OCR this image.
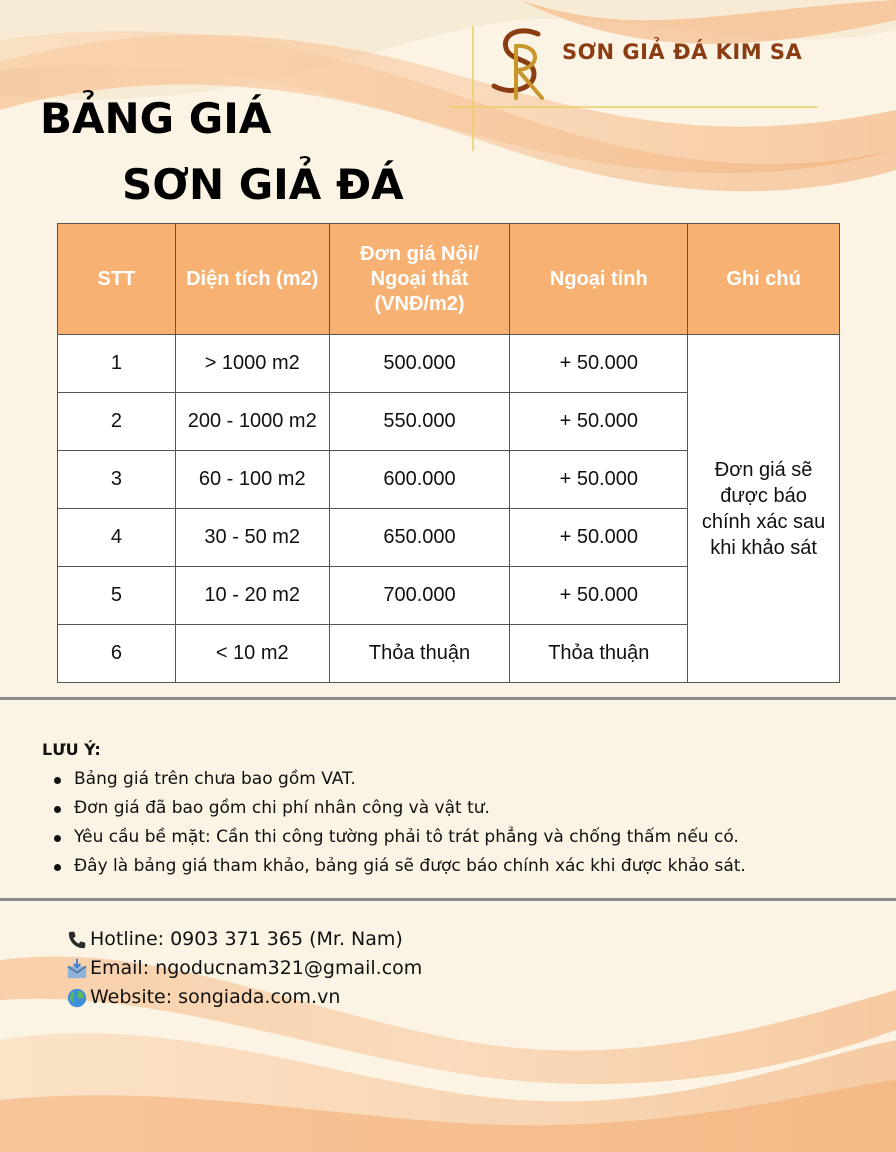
SƠN GIẢ ĐÁ KIM SA
BẢNG GIÁ
SƠN GIẢ ĐÁ
STT	Diện tích (m2)	Đơn giá Nội/ Ngoại thất (VNĐ/m2)	Ngoại tỉnh	Ghi chú
1	> 1000 m2	500.000	+ 50.000	Đơn giá sẽ được báo chính xác sau khi khảo sát
2	200 - 1000 m2	550.000	+ 50.000	
3	60 - 100 m2	600.000	+ 50.000	
4	30 - 50 m2	650.000	+ 50.000	
5	10 - 20 m2	700.000	+ 50.000	
6	< 10 m2	Thỏa thuận	Thỏa thuận	
LƯU Ý:
Bảng giá trên chưa bao gồm VAT.
Đơn giá đã bao gồm chi phí nhân công và vật tư.
Yêu cầu bề mặt: Cần thi công tường phải tô trát phẳng và chống thấm nếu có.
Đây là bảng giá tham khảo, bảng giá sẽ được báo chính xác khi được khảo sát.
Hotline: 0903 371 365 (Mr. Nam)
Email: ngoducnam321@gmail.com
Website: songiada.com.vn
